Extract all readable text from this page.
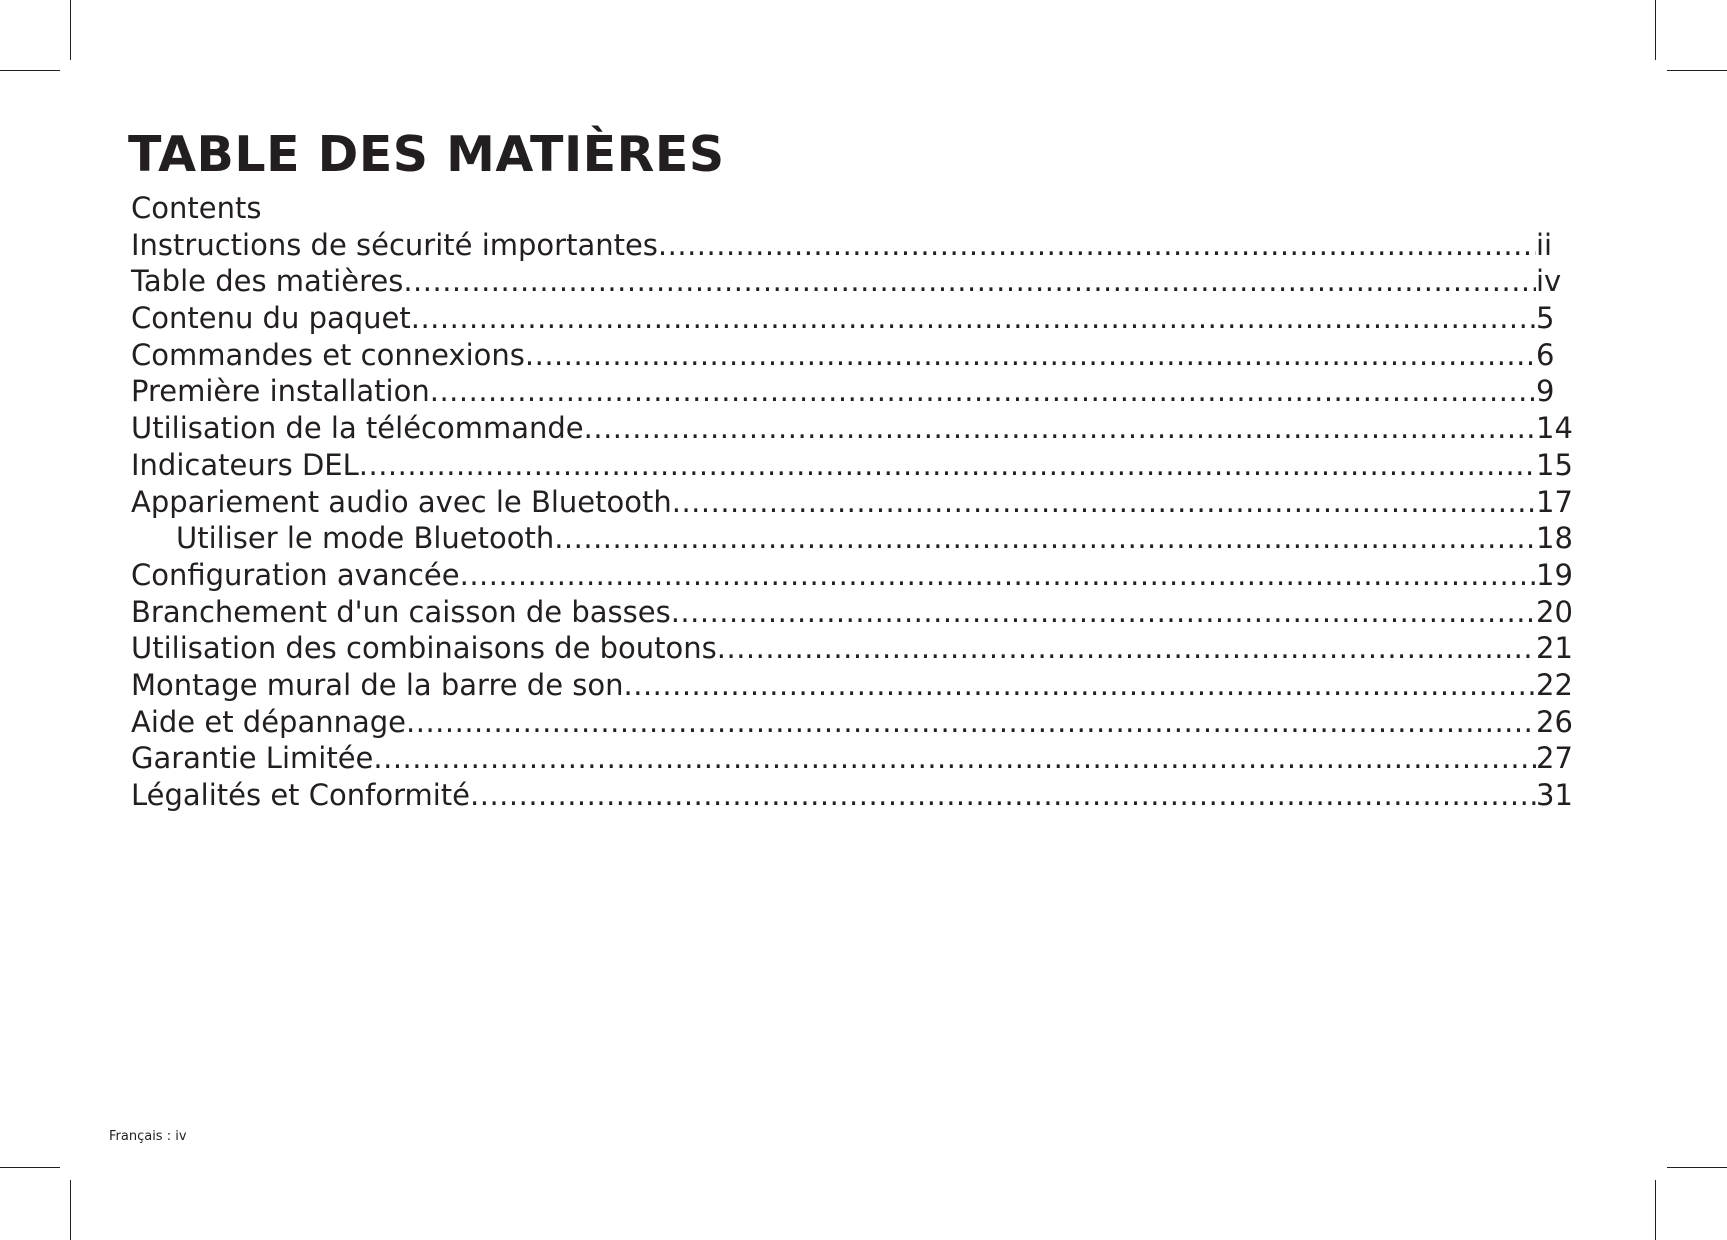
TABLE DES MATIÈRES
Contents
Instructions de sécurité importantes .....	ii
Table des matières .....	iv
Contenu du paquet .....	5
Commandes et connexions .....	6
Première installation .....	9
Utilisation de la télécommande .....	14
Indicateurs DEL .....	15
Appariement audio avec le Bluetooth .....	17
Utiliser le mode Bluetooth .....	18
Configuration avancée .....	19
Branchement d'un caisson de basses .....	20
Utilisation des combinaisons de boutons .....	21
Montage mural de la barre de son .....	22
Aide et dépannage .....	26
Garantie Limitée .....	27
Légalités et Conformité .....	31
Français : iv
